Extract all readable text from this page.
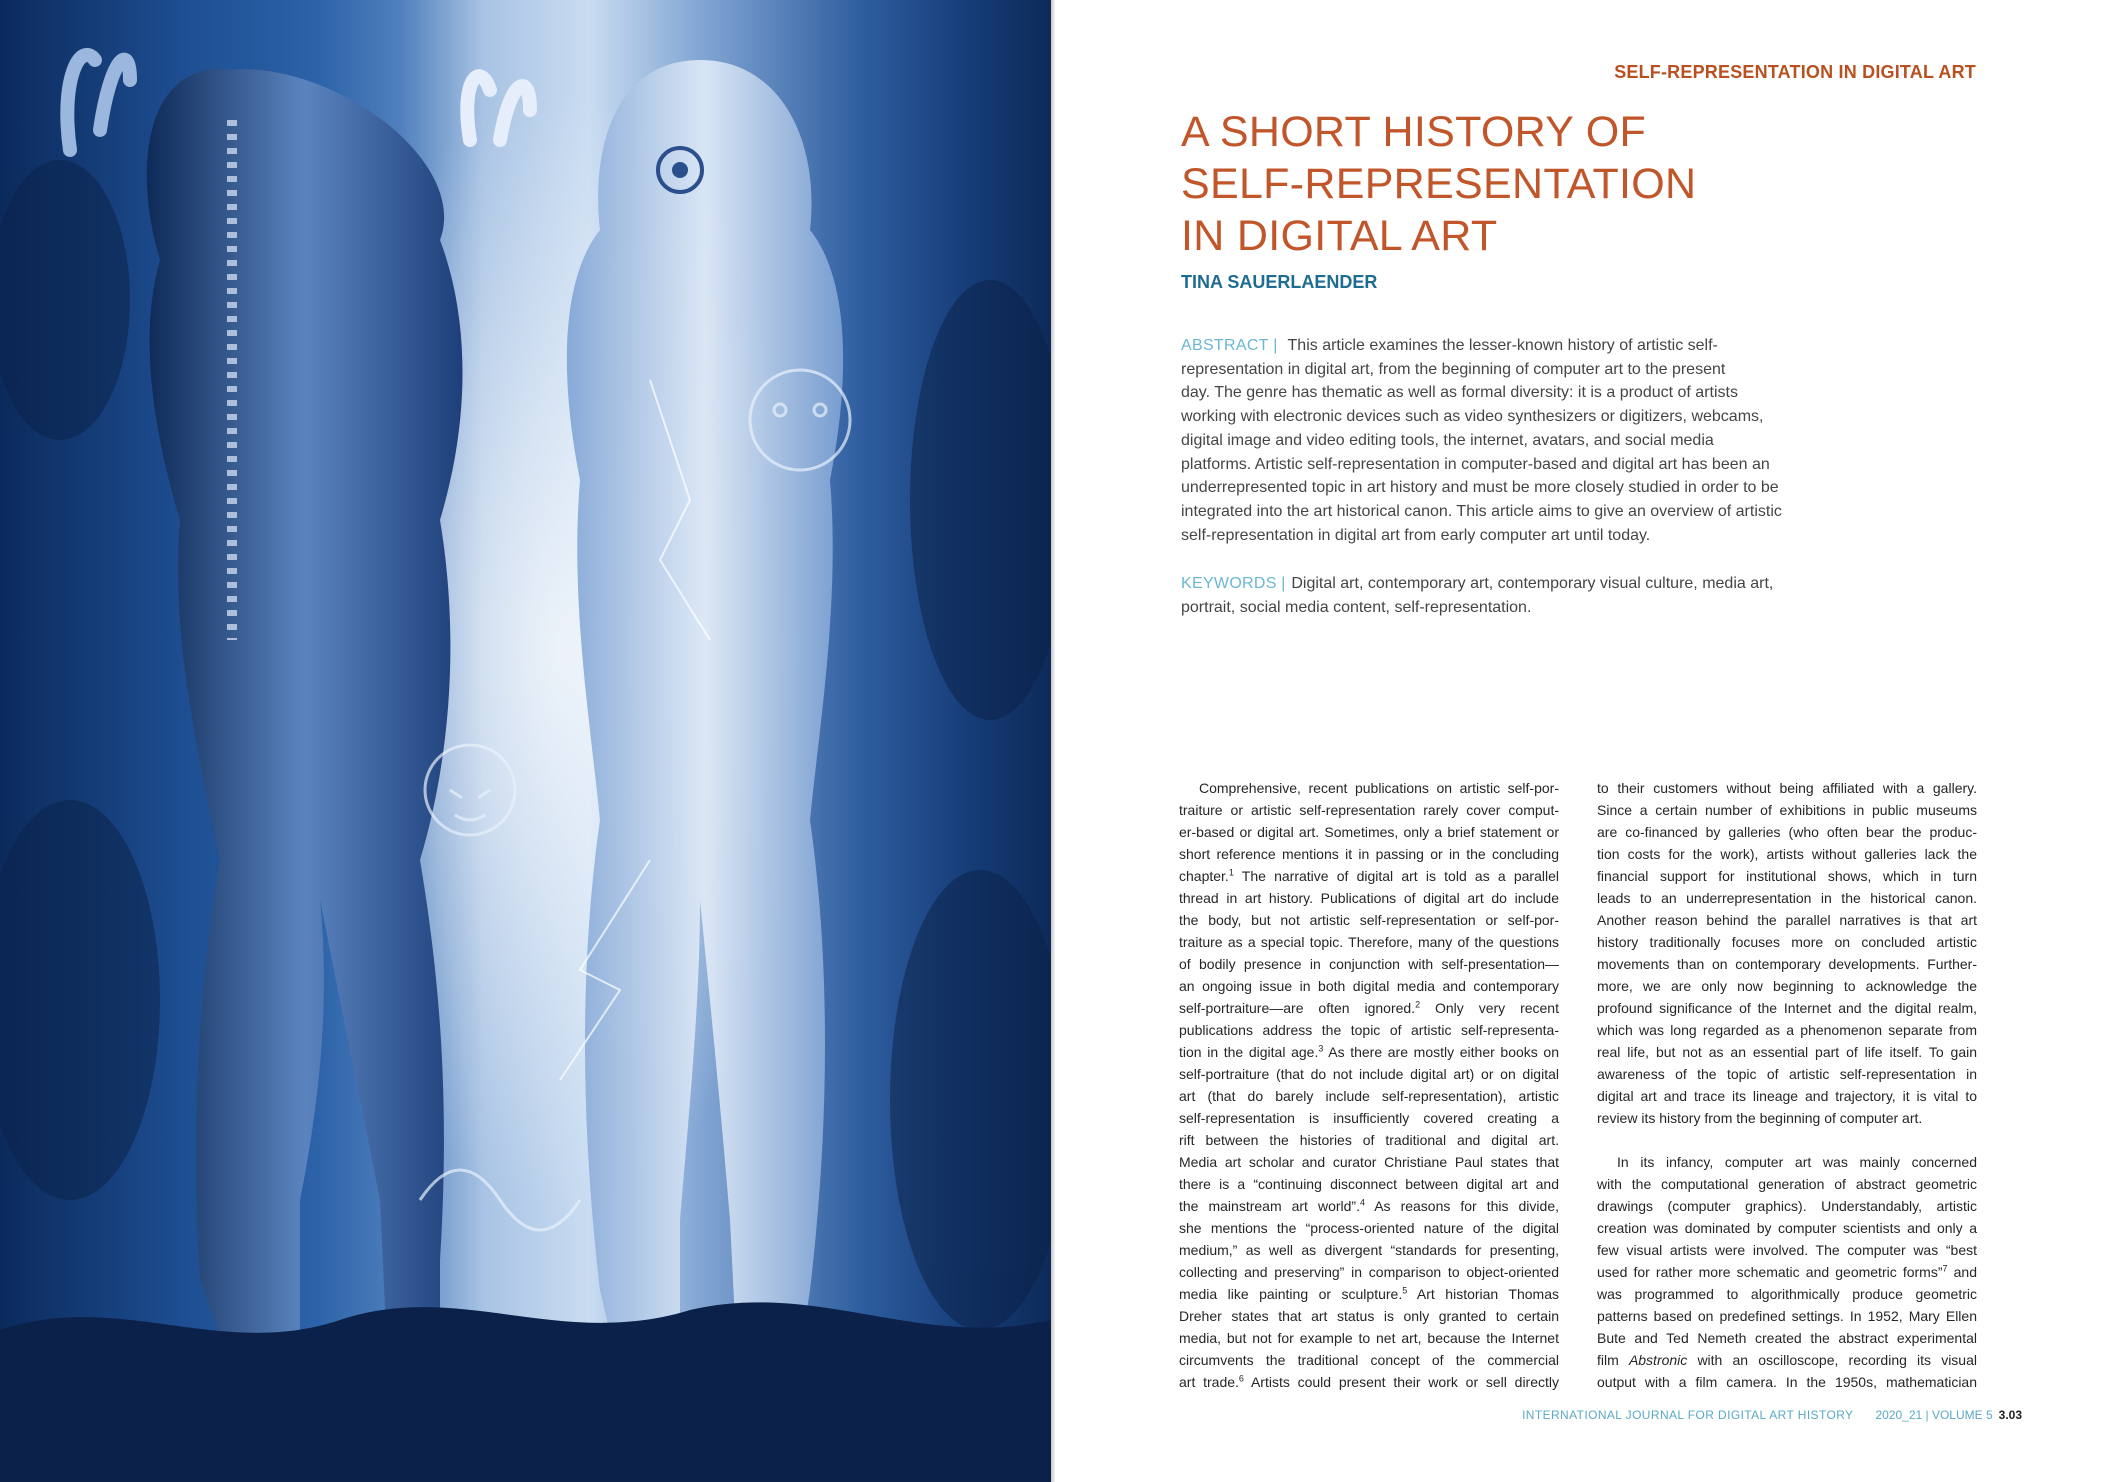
SELF-REPRESENTATION IN DIGITAL ART
A SHORT HISTORY OF
SELF-REPRESENTATION
IN DIGITAL ART
TINA SAUERLAENDER
ABSTRACT | This article examines the lesser-known history of artistic self-
representation in digital art, from the beginning of computer art to the present
day. The genre has thematic as well as formal diversity: it is a product of artists
working with electronic devices such as video synthesizers or digitizers, webcams,
digital image and video editing tools, the internet, avatars, and social media
platforms. Artistic self-representation in computer-based and digital art has been an
underrepresented topic in art history and must be more closely studied in order to be
integrated into the art historical canon. This article aims to give an overview of artistic
self-representation in digital art from early computer art until today.
KEYWORDS | Digital art, contemporary art, contemporary visual culture, media art,
portrait, social media content, self-representation.
Comprehensive, recent publications on artistic self-por-
traiture or artistic self-representation rarely cover comput-
er-based or digital art. Sometimes, only a brief statement or
short reference mentions it in passing or in the concluding
chapter.$^1$ The narrative of digital art is told as a parallel
thread in art history. Publications of digital art do include
the body, but not artistic self-representation or self-por-
traiture as a special topic. Therefore, many of the questions
of bodily presence in conjunction with self-presentation—
an ongoing issue in both digital media and contemporary
self-portraiture—are often ignored.$^2$ Only very recent
publications address the topic of artistic self-representa-
tion in the digital age.$^3$ As there are mostly either books on
self-portraiture (that do not include digital art) or on digital
art (that do barely include self-representation), artistic
self-representation is insufficiently covered creating a
rift between the histories of traditional and digital art.
Media art scholar and curator Christiane Paul states that
there is a “continuing disconnect between digital art and
the mainstream art world”.$^4$ As reasons for this divide,
she mentions the “process-oriented nature of the digital
medium,” as well as divergent “standards for presenting,
collecting and preserving” in comparison to object-oriented
media like painting or sculpture.$^5$ Art historian Thomas
Dreher states that art status is only granted to certain
media, but not for example to net art, because the Internet
circumvents the traditional concept of the commercial
art trade.$^6$ Artists could present their work or sell directly
to their customers without being affiliated with a gallery.
Since a certain number of exhibitions in public museums
are co-financed by galleries (who often bear the produc-
tion costs for the work), artists without galleries lack the
financial support for institutional shows, which in turn
leads to an underrepresentation in the historical canon.
Another reason behind the parallel narratives is that art
history traditionally focuses more on concluded artistic
movements than on contemporary developments. Further-
more, we are only now beginning to acknowledge the
profound significance of the Internet and the digital realm,
which was long regarded as a phenomenon separate from
real life, but not as an essential part of life itself. To gain
awareness of the topic of artistic self-representation in
digital art and trace its lineage and trajectory, it is vital to
review its history from the beginning of computer art.
In its infancy, computer art was mainly concerned
with the computational generation of abstract geometric
drawings (computer graphics). Understandably, artistic
creation was dominated by computer scientists and only a
few visual artists were involved. The computer was “best
used for rather more schematic and geometric forms”$^7$ and
was programmed to algorithmically produce geometric
patterns based on predefined settings. In 1952, Mary Ellen
Bute and Ted Nemeth created the abstract experimental
film Abstronic with an oscilloscope, recording its visual
output with a film camera. In the 1950s, mathematician
INTERNATIONAL JOURNAL FOR DIGITAL ART HISTORY 2020_21 | VOLUME 5 3.03
